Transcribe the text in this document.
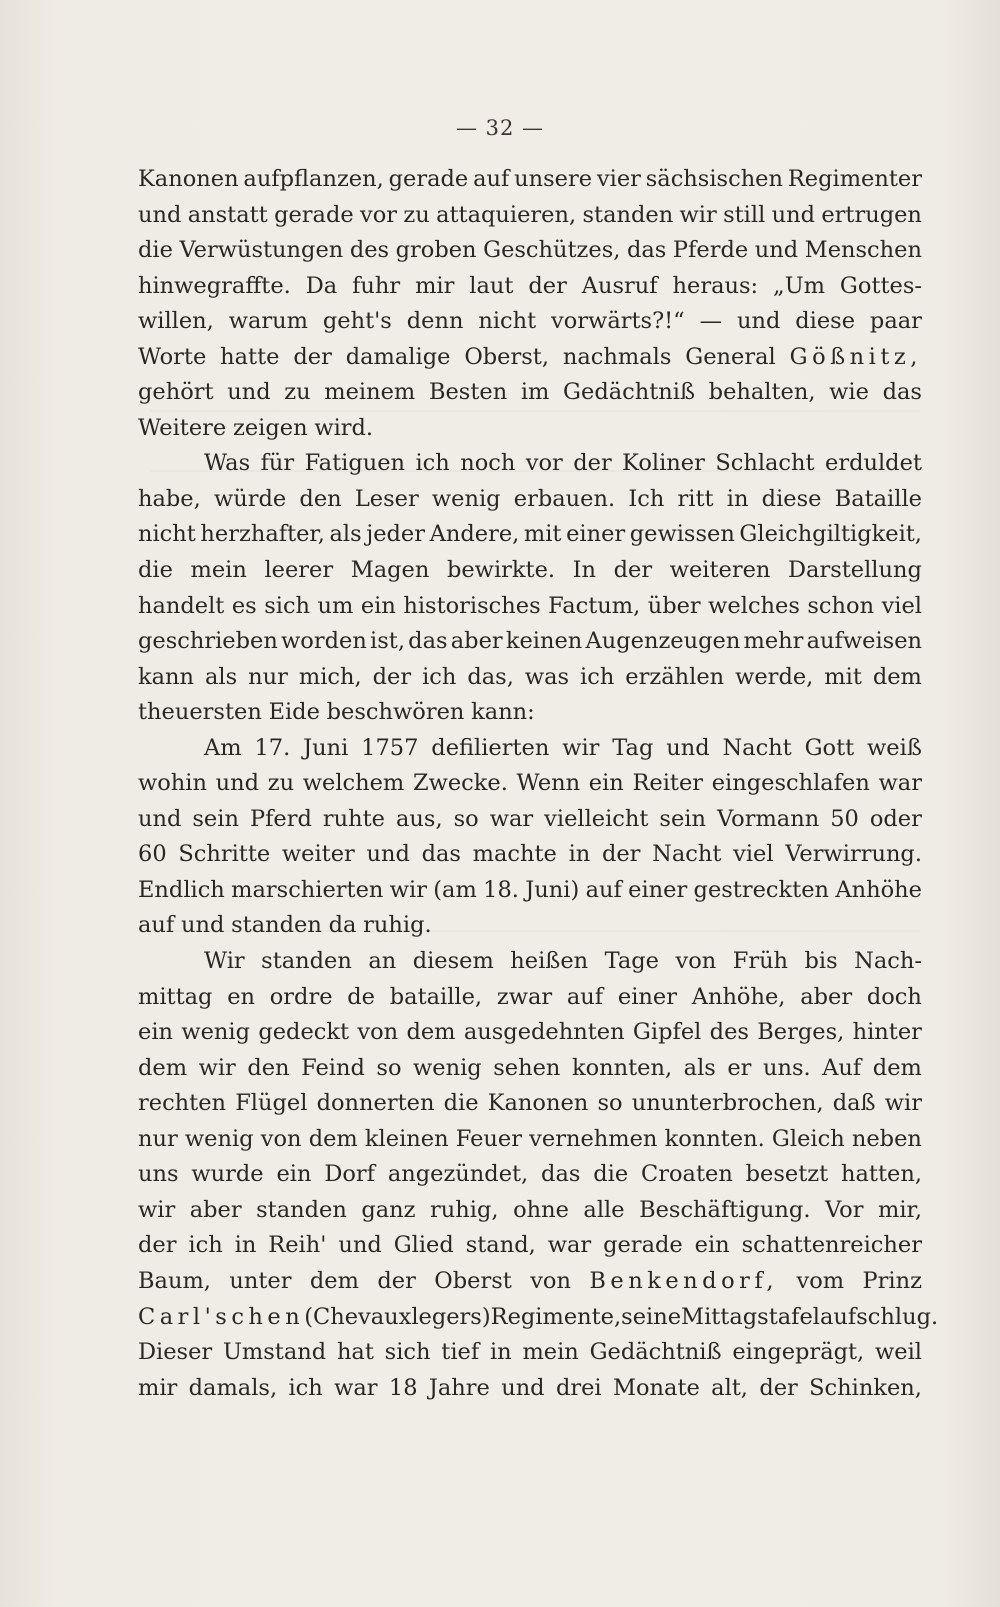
— 32 —
Kanonen aufpflanzen, gerade auf unsere vier sächsischen Regimenter
und anstatt gerade vor zu attaquieren, standen wir still und ertrugen
die Verwüstungen des groben Geschützes, das Pferde und Menschen
hinwegraffte. Da fuhr mir laut der Ausruf heraus: „Um Gottes-
willen, warum geht's denn nicht vorwärts?!“ — und diese paar
Worte hatte der damalige Oberst, nachmals General Gößnitz,
gehört und zu meinem Besten im Gedächtniß behalten, wie das
Weitere zeigen wird.
Was für Fatiguen ich noch vor der Koliner Schlacht erduldet
habe, würde den Leser wenig erbauen. Ich ritt in diese Bataille
nicht herzhafter, als jeder Andere, mit einer gewissen Gleichgiltigkeit,
die mein leerer Magen bewirkte. In der weiteren Darstellung
handelt es sich um ein historisches Factum, über welches schon viel
geschrieben worden ist, das aber keinen Augenzeugen mehr aufweisen
kann als nur mich, der ich das, was ich erzählen werde, mit dem
theuersten Eide beschwören kann:
Am 17. Juni 1757 defilierten wir Tag und Nacht Gott weiß
wohin und zu welchem Zwecke. Wenn ein Reiter eingeschlafen war
und sein Pferd ruhte aus, so war vielleicht sein Vormann 50 oder
60 Schritte weiter und das machte in der Nacht viel Verwirrung.
Endlich marschierten wir (am 18. Juni) auf einer gestreckten Anhöhe
auf und standen da ruhig.
Wir standen an diesem heißen Tage von Früh bis Nach-
mittag en ordre de bataille, zwar auf einer Anhöhe, aber doch
ein wenig gedeckt von dem ausgedehnten Gipfel des Berges, hinter
dem wir den Feind so wenig sehen konnten, als er uns. Auf dem
rechten Flügel donnerten die Kanonen so ununterbrochen, daß wir
nur wenig von dem kleinen Feuer vernehmen konnten. Gleich neben
uns wurde ein Dorf angezündet, das die Croaten besetzt hatten,
wir aber standen ganz ruhig, ohne alle Beschäftigung. Vor mir,
der ich in Reih' und Glied stand, war gerade ein schattenreicher
Baum, unter dem der Oberst von Benkendorf, vom Prinz
Carl'schen (Chevauxlegers) Regimente, seine Mittagstafel aufschlug.
Dieser Umstand hat sich tief in mein Gedächtniß eingeprägt, weil
mir damals, ich war 18 Jahre und drei Monate alt, der Schinken,
